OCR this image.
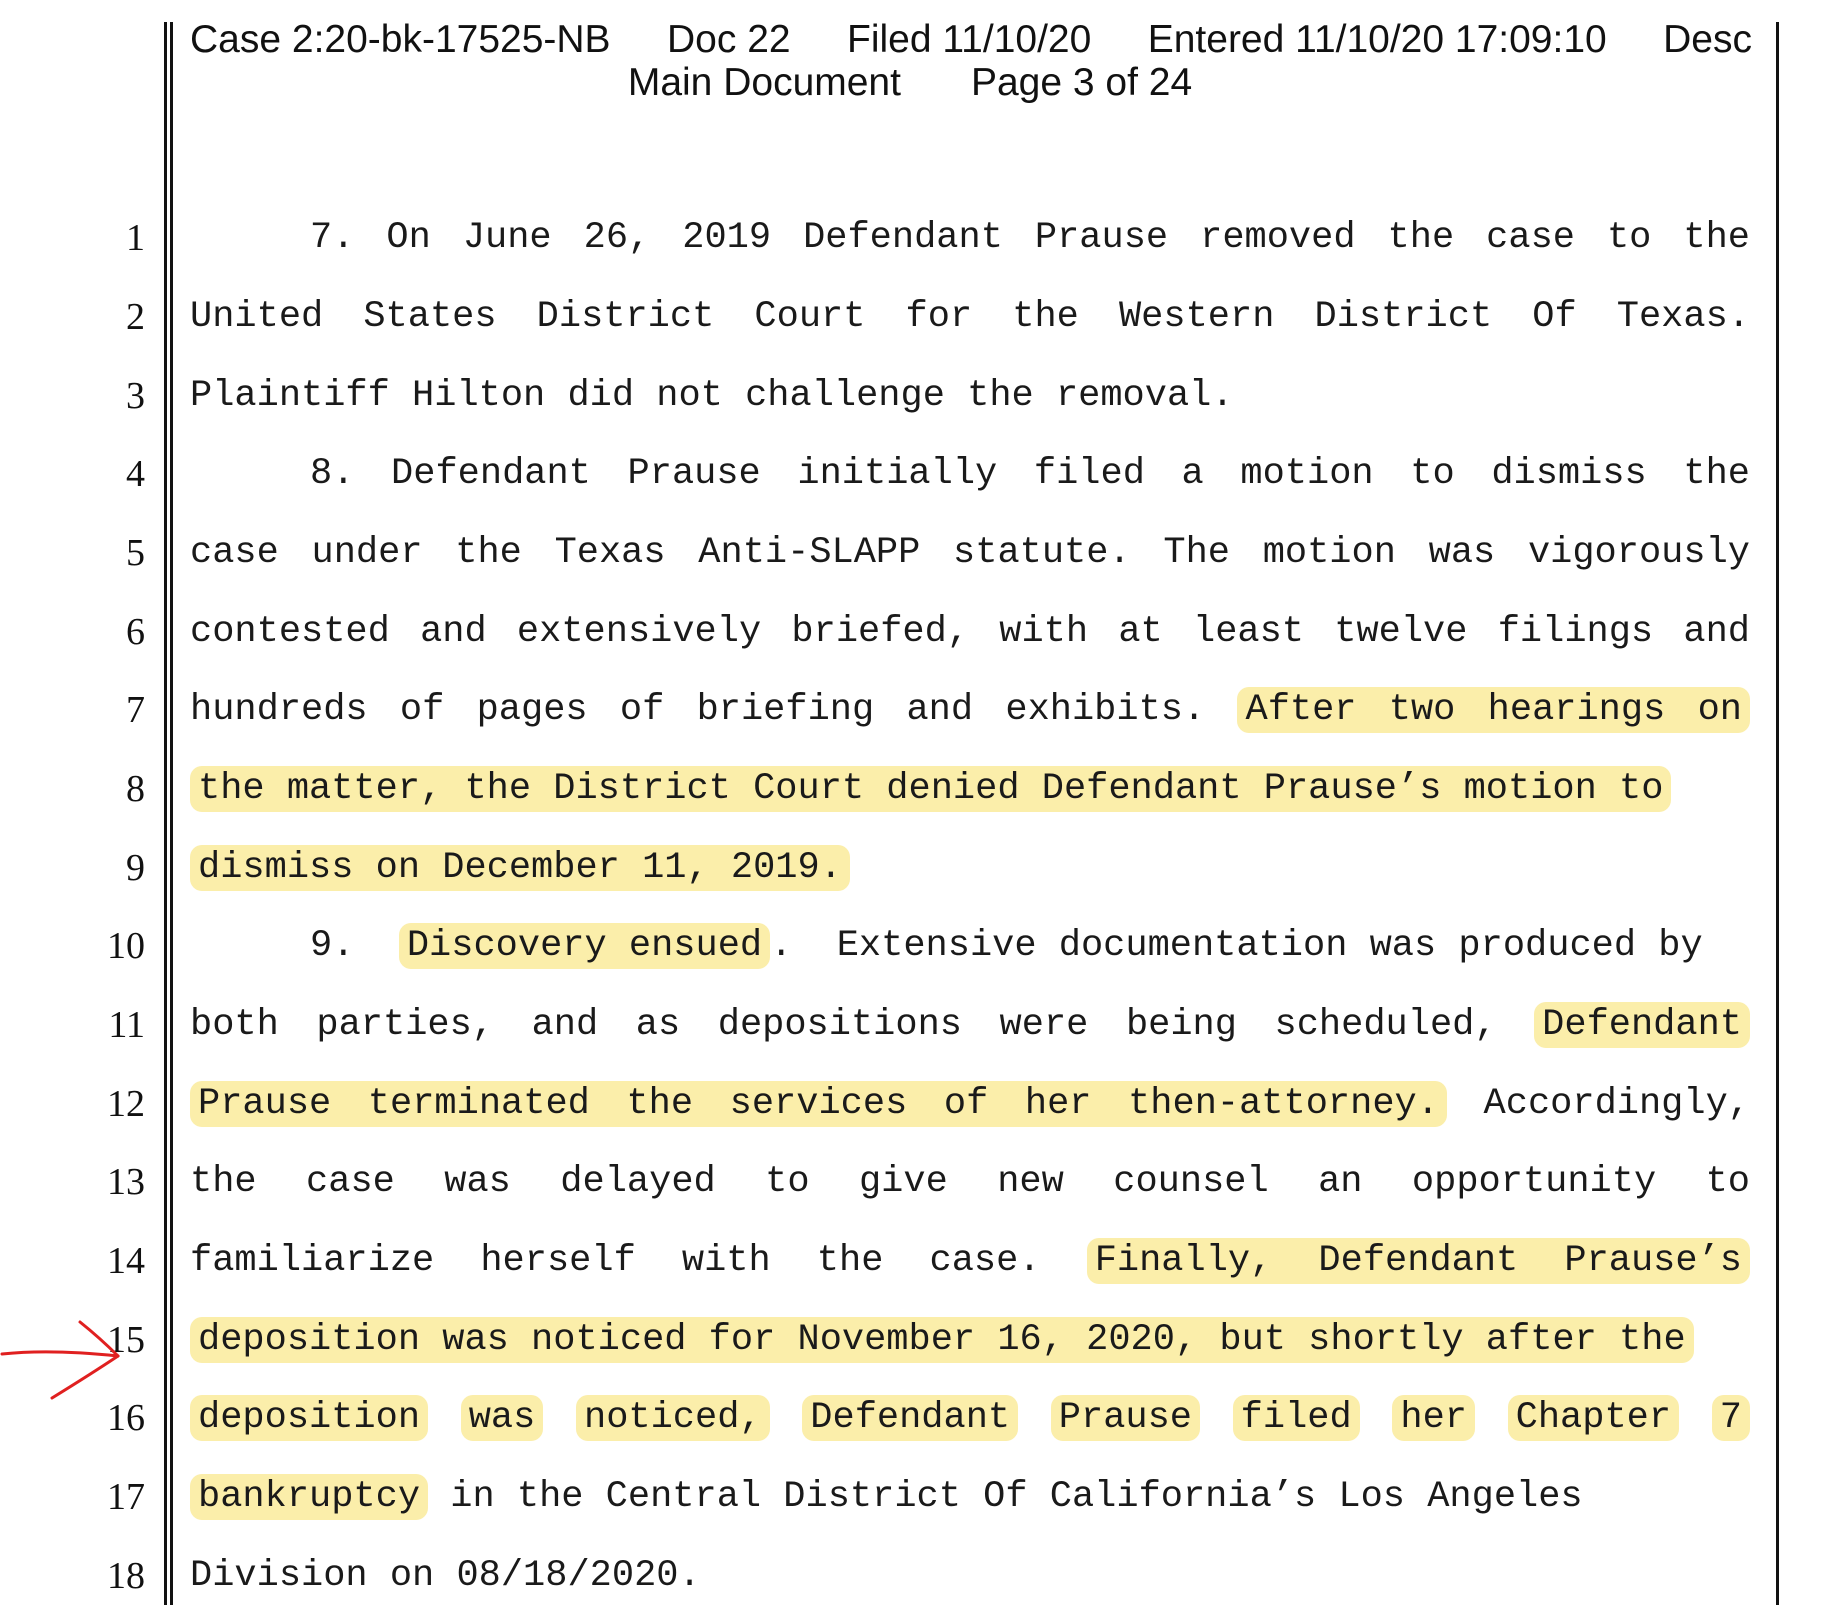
Case 2:20-bk-17525-NB Doc 22 Filed 11/10/20 Entered 11/10/20 17:09:10 Desc
Main Document Page 3 of 24
1
2
3
4
5
6
7
8
9
10
11
12
13
14
15
16
17
18
7. On June 26, 2019 Defendant Prause removed the case to the
United States District Court for the Western District Of Texas.
Plaintiff Hilton did not challenge the removal.
8. Defendant Prause initially filed a motion to dismiss the
case under the Texas Anti-SLAPP statute. The motion was vigorously
contested and extensively briefed, with at least twelve filings and
hundreds of pages of briefing and exhibits. After two hearings on
the matter, the District Court denied Defendant Prause’s motion to
dismiss on December 11, 2019.
9. Discovery ensued .  Extensive documentation was produced by
both parties, and as depositions were being scheduled, Defendant
Prause terminated the services of her then-attorney. Accordingly,
the case was delayed to give new counsel an opportunity to
familiarize herself with the case. Finally, Defendant Prause’s
deposition was noticed for November 16, 2020, but shortly after the
deposition was noticed, Defendant Prause filed her Chapter 7
bankruptcy in the Central District Of California’s Los Angeles
Division on 08/18/2020.
